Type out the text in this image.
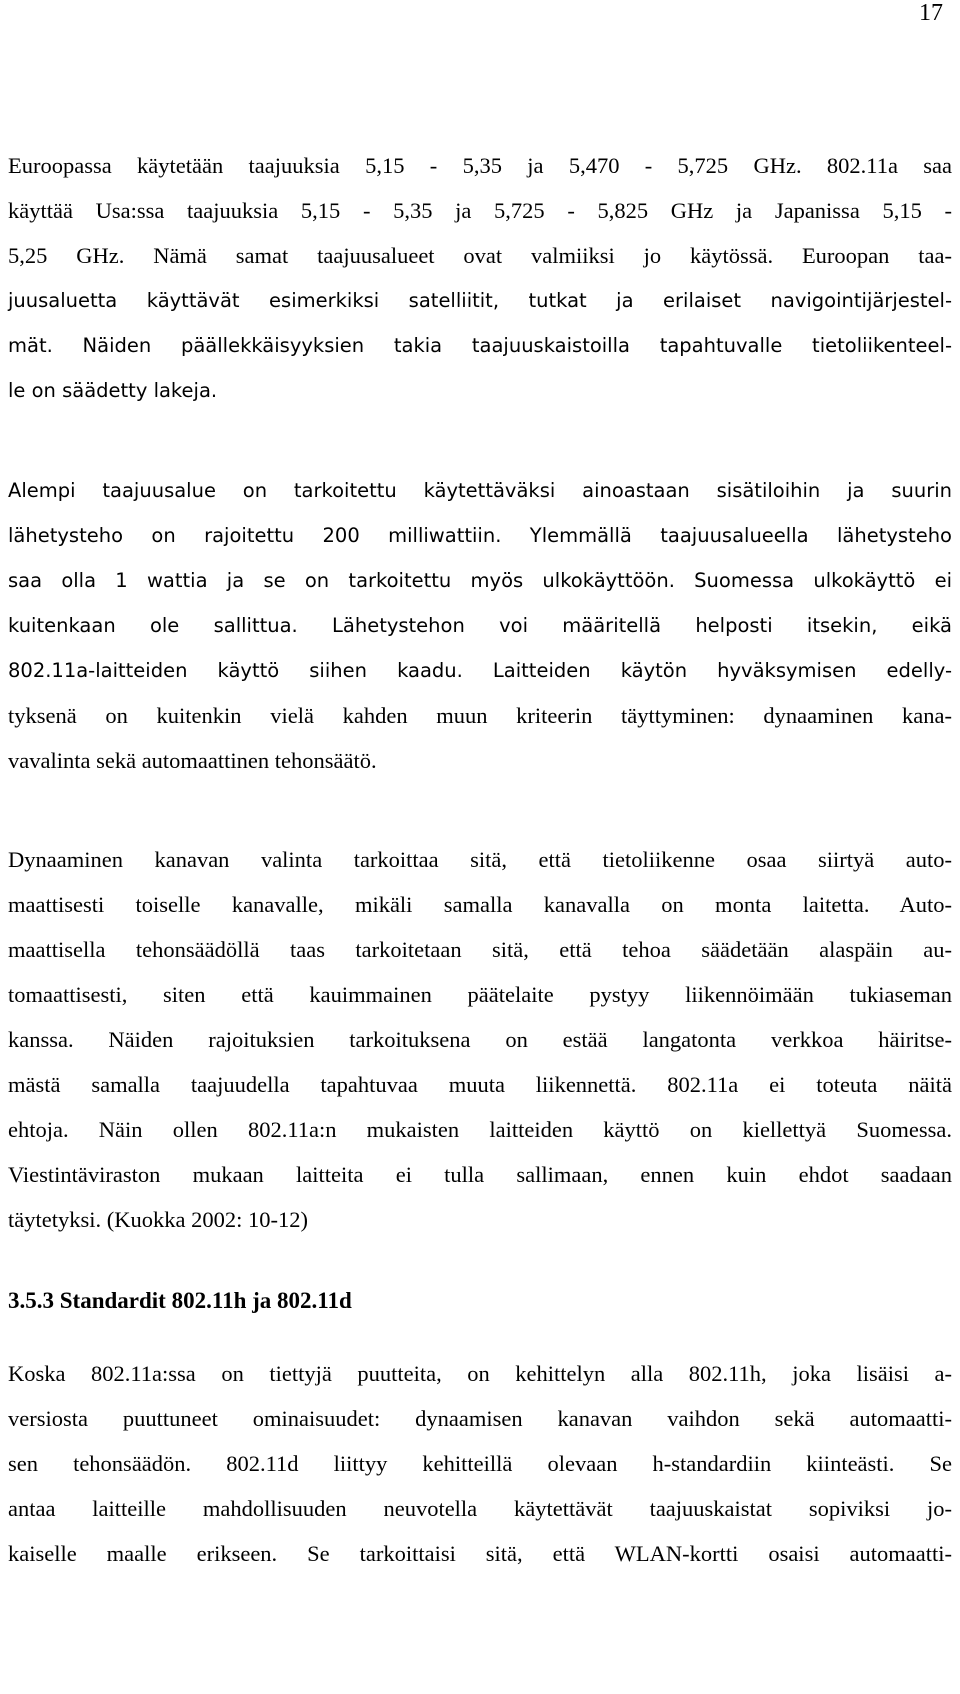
17
Euroopassa käytetään taajuuksia 5,15 - 5,35 ja 5,470 - 5,725 GHz. 802.11a saa
käyttää Usa:ssa taajuuksia 5,15 - 5,35 ja 5,725 - 5,825 GHz ja Japanissa 5,15 -
5,25 GHz. Nämä samat taajuusalueet ovat valmiiksi jo käytössä. Euroopan taa-
juusaluetta käyttävät esimerkiksi satelliitit, tutkat ja erilaiset navigointijärjestel-
mät. Näiden päällekkäisyyksien takia taajuuskaistoilla tapahtuvalle tietoliikenteel-
le on säädetty lakeja.
Alempi taajuusalue on tarkoitettu käytettäväksi ainoastaan sisätiloihin ja suurin
lähetysteho on rajoitettu 200 milliwattiin. Ylemmällä taajuusalueella lähetysteho
saa olla 1 wattia ja se on tarkoitettu myös ulkokäyttöön. Suomessa ulkokäyttö ei
kuitenkaan ole sallittua. Lähetystehon voi määritellä helposti itsekin, eikä
802.11a-laitteiden käyttö siihen kaadu. Laitteiden käytön hyväksymisen edelly-
tyksenä on kuitenkin vielä kahden muun kriteerin täyttyminen: dynaaminen kana-
vavalinta sekä automaattinen tehonsäätö.
Dynaaminen kanavan valinta tarkoittaa sitä, että tietoliikenne osaa siirtyä auto-
maattisesti toiselle kanavalle, mikäli samalla kanavalla on monta laitetta. Auto-
maattisella tehonsäädöllä taas tarkoitetaan sitä, että tehoa säädetään alaspäin au-
tomaattisesti, siten että kauimmainen päätelaite pystyy liikennöimään tukiaseman
kanssa. Näiden rajoituksien tarkoituksena on estää langatonta verkkoa häiritse-
mästä samalla taajuudella tapahtuvaa muuta liikennettä. 802.11a ei toteuta näitä
ehtoja. Näin ollen 802.11a:n mukaisten laitteiden käyttö on kiellettyä Suomessa.
Viestintäviraston mukaan laitteita ei tulla sallimaan, ennen kuin ehdot saadaan
täytetyksi. (Kuokka 2002: 10-12)
3.5.3 Standardit 802.11h ja 802.11d
Koska 802.11a:ssa on tiettyjä puutteita, on kehittelyn alla 802.11h, joka lisäisi a-
versiosta puuttuneet ominaisuudet: dynaamisen kanavan vaihdon sekä automaatti-
sen tehonsäädön. 802.11d liittyy kehitteillä olevaan h-standardiin kiinteästi. Se
antaa laitteille mahdollisuuden neuvotella käytettävät taajuuskaistat sopiviksi jo-
kaiselle maalle erikseen. Se tarkoittaisi sitä, että WLAN-kortti osaisi automaatti-
